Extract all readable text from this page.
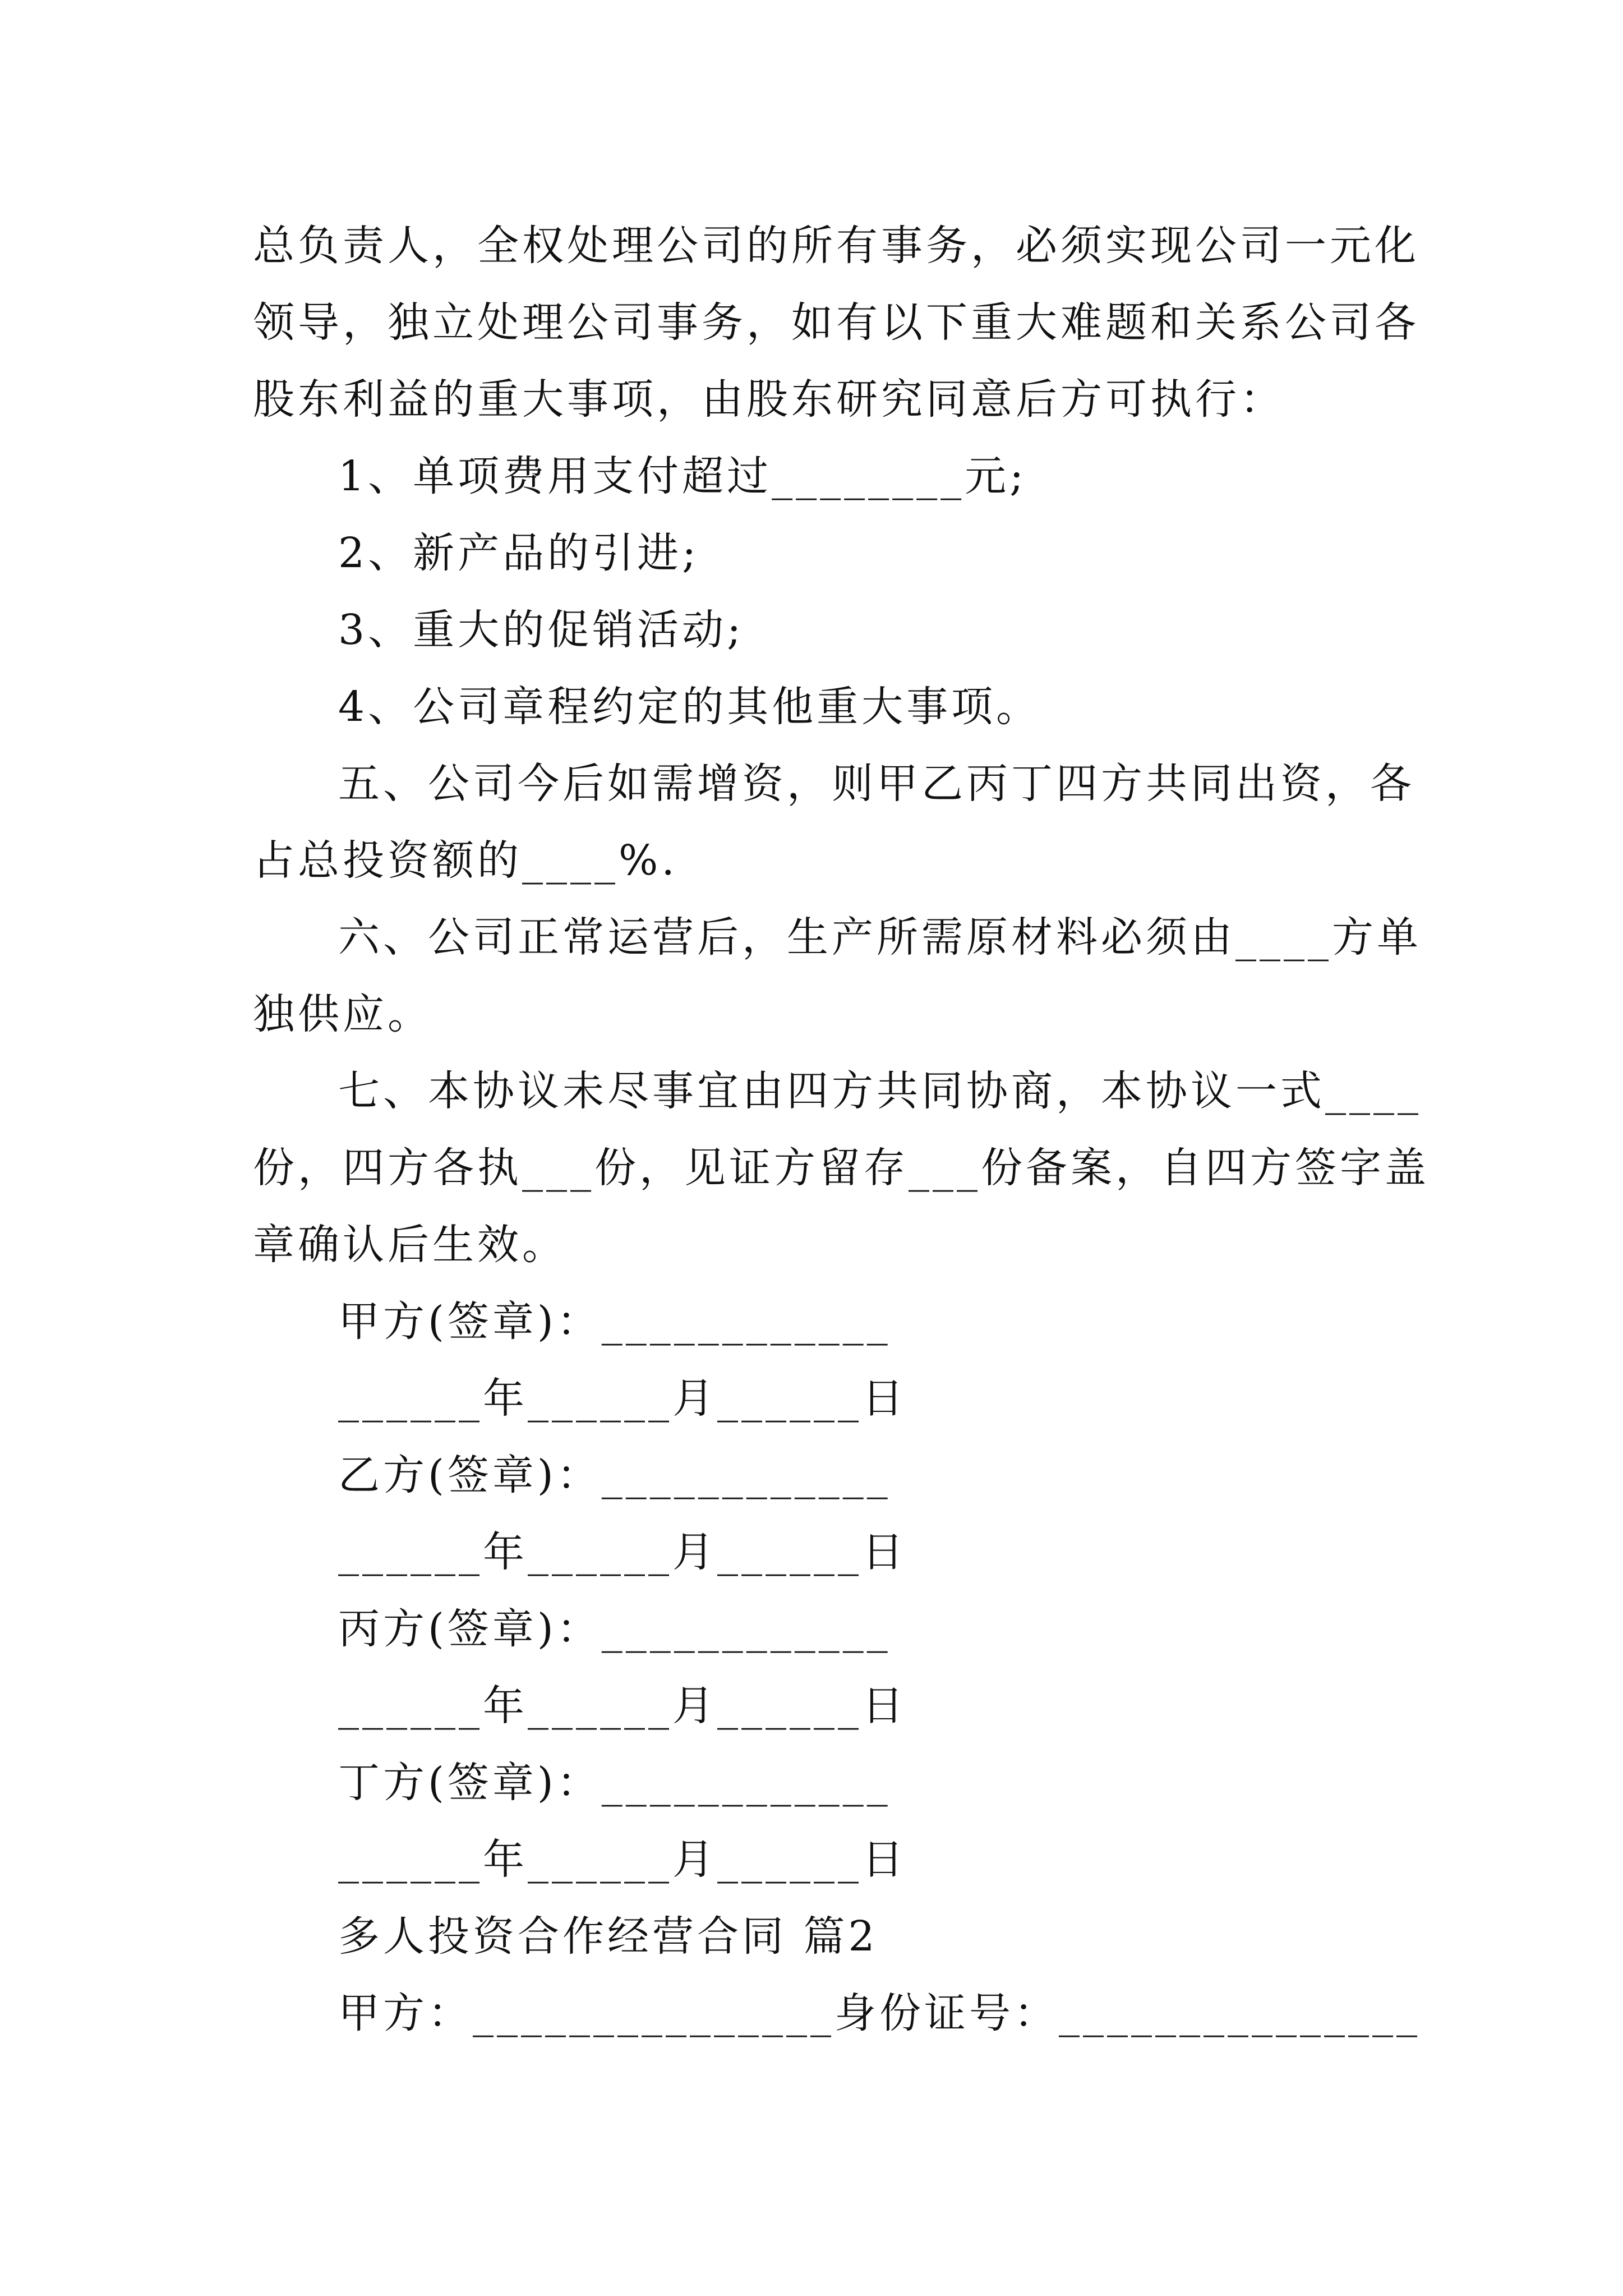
总负责人，全权处理公司的所有事务，必须实现公司一元化
领导，独立处理公司事务，如有以下重大难题和关系公司各
股东利益的重大事项，由股东研究同意后方可执行：
1、单项费用支付超过________元;
2、新产品的引进;
3、重大的促销活动;
4、公司章程约定的其他重大事项。
五、公司今后如需增资，则甲乙丙丁四方共同出资，各
占总投资额的____%.
六、公司正常运营后，生产所需原材料必须由____方单
独供应。
七、本协议未尽事宜由四方共同协商，本协议一式____
份，四方各执___份，见证方留存___份备案，自四方签字盖
章确认后生效。
甲方(签章)：____________
______年______月______日
乙方(签章)：____________
______年______月______日
丙方(签章)：____________
______年______月______日
丁方(签章)：____________
______年______月______日
多人投资合作经营合同 篇2
甲方：_______________身份证号：_______________
